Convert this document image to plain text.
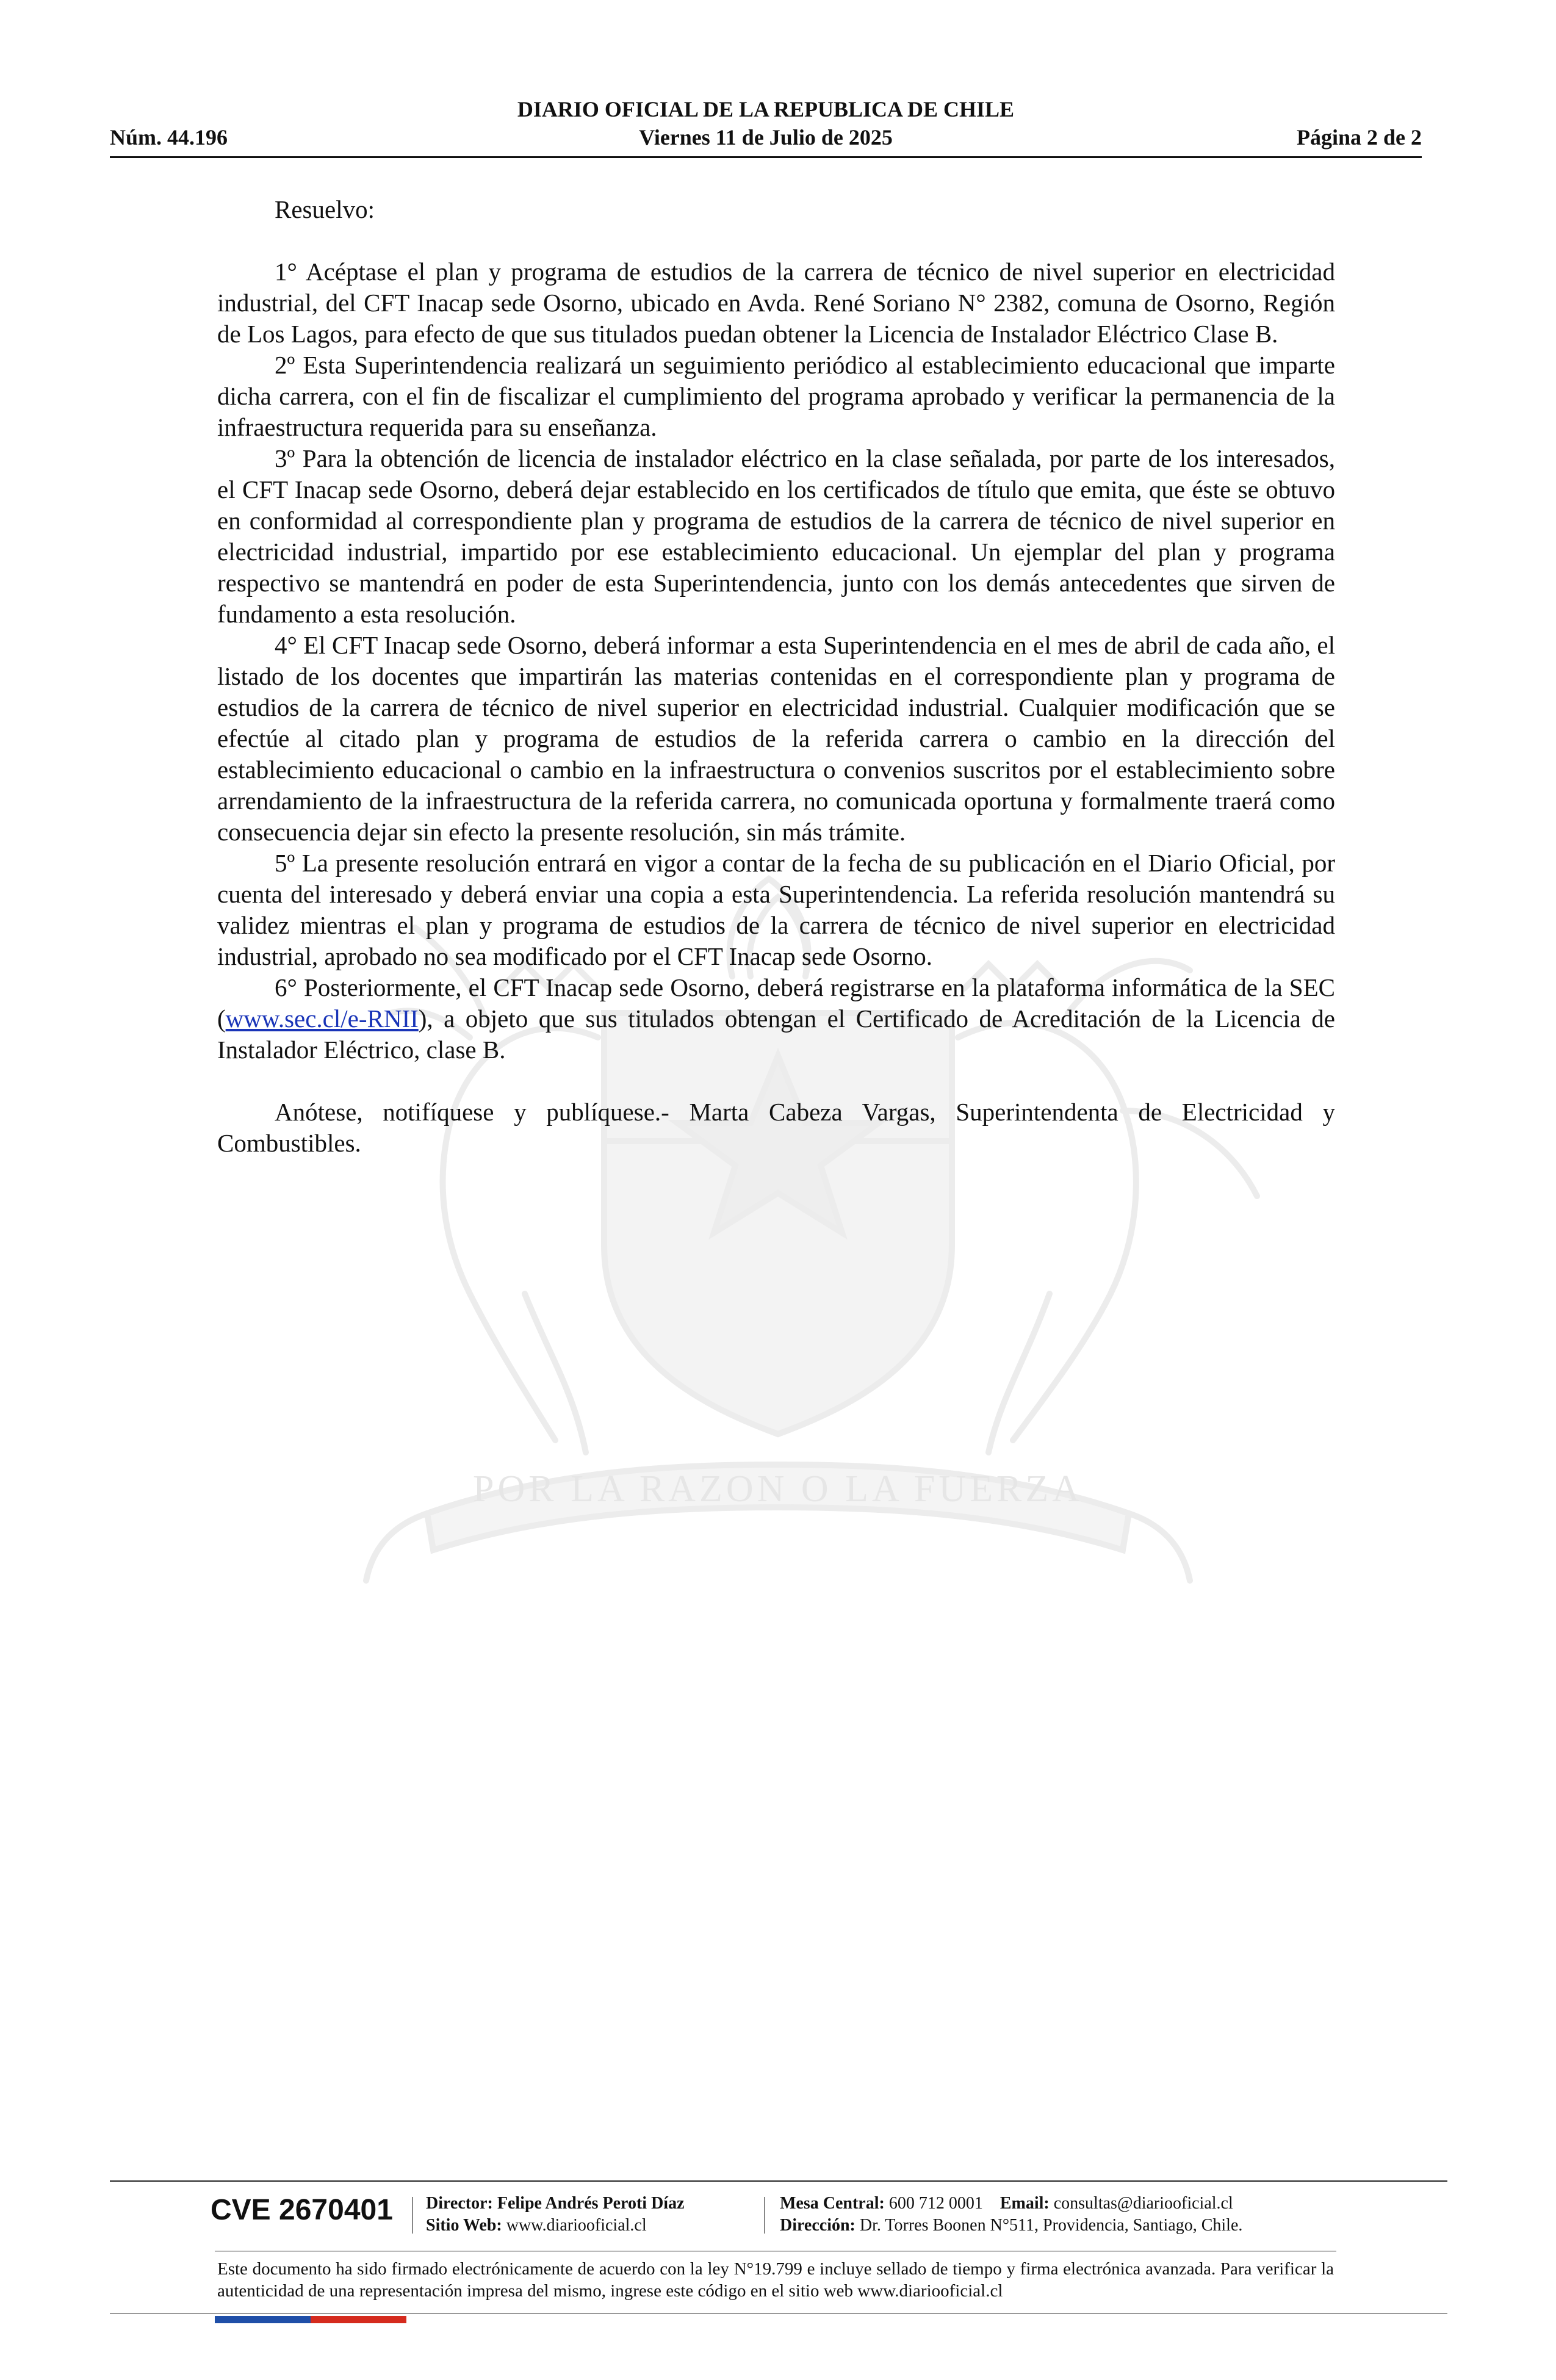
POR LA RAZON O LA FUERZA
DIARIO OFICIAL DE LA REPUBLICA DE CHILE
Núm. 44.196	Viernes 11 de Julio de 2025	Página 2 de 2

Resuelvo:

1° Acéptase el plan y programa de estudios de la carrera de técnico de nivel superior en electricidad industrial, del CFT Inacap sede Osorno, ubicado en Avda. René Soriano N° 2382, comuna de Osorno, Región de Los Lagos, para efecto de que sus titulados puedan obtener la Licencia de Instalador Eléctrico Clase B.

2º Esta Superintendencia realizará un seguimiento periódico al establecimiento educacional que imparte dicha carrera, con el fin de fiscalizar el cumplimiento del programa aprobado y verificar la permanencia de la infraestructura requerida para su enseñanza.

3º Para la obtención de licencia de instalador eléctrico en la clase señalada, por parte de los interesados, el CFT Inacap sede Osorno, deberá dejar establecido en los certificados de título que emita, que éste se obtuvo en conformidad al correspondiente plan y programa de estudios de la carrera de técnico de nivel superior en electricidad industrial, impartido por ese establecimiento educacional. Un ejemplar del plan y programa respectivo se mantendrá en poder de esta Superintendencia, junto con los demás antecedentes que sirven de fundamento a esta resolución.

4° El CFT Inacap sede Osorno, deberá informar a esta Superintendencia en el mes de abril de cada año, el listado de los docentes que impartirán las materias contenidas en el correspondiente plan y programa de estudios de la carrera de técnico de nivel superior en electricidad industrial. Cualquier modificación que se efectúe al citado plan y programa de estudios de la referida carrera o cambio en la dirección del establecimiento educacional o cambio en la infraestructura o convenios suscritos por el establecimiento sobre arrendamiento de la infraestructura de la referida carrera, no comunicada oportuna y formalmente traerá como consecuencia dejar sin efecto la presente resolución, sin más trámite.

5º La presente resolución entrará en vigor a contar de la fecha de su publicación en el Diario Oficial, por cuenta del interesado y deberá enviar una copia a esta Superintendencia. La referida resolución mantendrá su validez mientras el plan y programa de estudios de la carrera de técnico de nivel superior en electricidad industrial, aprobado no sea modificado por el CFT Inacap sede Osorno.

6° Posteriormente, el CFT Inacap sede Osorno, deberá registrarse en la plataforma informática de la SEC (www.sec.cl/e-RNII), a objeto que sus titulados obtengan el Certificado de Acreditación de la Licencia de Instalador Eléctrico, clase B.

Anótese, notifíquese y publíquese.- Marta Cabeza Vargas, Superintendenta de Electricidad y Combustibles.

CVE 2670401 Director: Felipe Andrés Peroti Díaz
Sitio Web: www.diariooficial.cl
Mesa Central: 600 712 0001 Email: consultas@diariooficial.cl
Dirección: Dr. Torres Boonen N°511, Providencia, Santiago, Chile.
Este documento ha sido firmado electrónicamente de acuerdo con la ley N°19.799 e incluye sellado de tiempo y firma electrónica avanzada. Para verificar la autenticidad de una representación impresa del mismo, ingrese este código en el sitio web www.diariooficial.cl
